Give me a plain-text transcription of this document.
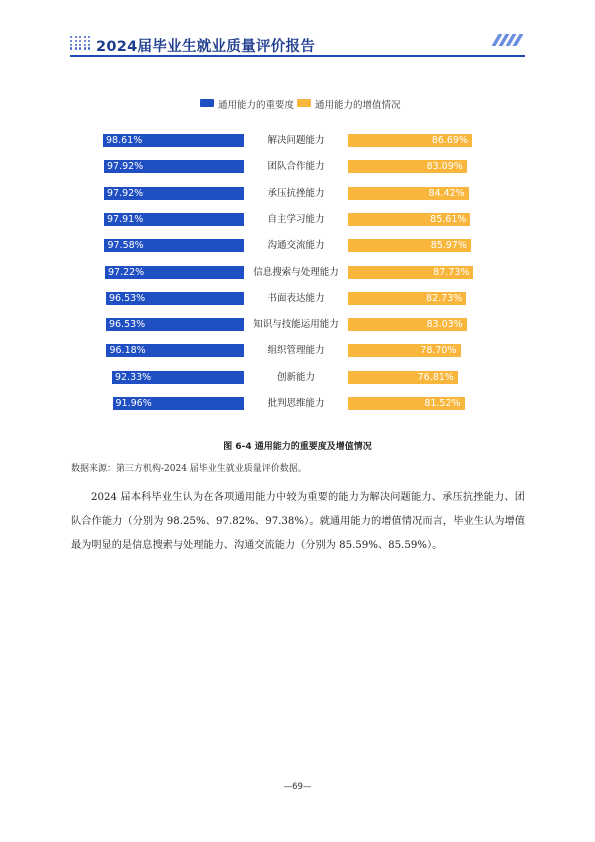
2024届毕业生就业质量评价报告
通用能力的重要度 通用能力的增值情况
98.61%	解决问题能力	86.69%
97.92%	团队合作能力	83.09%
97.92%	承压抗挫能力	84.42%
97.91%	自主学习能力	85.61%
97.58%	沟通交流能力	85.97%
97.22%	信息搜索与处理能力	87.73%
96.53%	书面表达能力	82.73%
96.53%	知识与技能运用能力	83.03%
96.18%	组织管理能力	78.70%
92.33%	创新能力	76.81%
91.96%	批判思维能力	81.52%
图 6-4 通用能力的重要度及增值情况
数据来源：第三方机构-2024 届毕业生就业质量评价数据。

2024 届本科毕业生认为在各项通用能力中较为重要的能力为解决问题能力、承压抗挫能力、团队合作能力（分别为 98.25%、97.82%、97.38%）。就通用能力的增值情况而言，毕业生认为增值最为明显的是信息搜索与处理能力、沟通交流能力（分别为 85.59%、85.59%）。

—69—
